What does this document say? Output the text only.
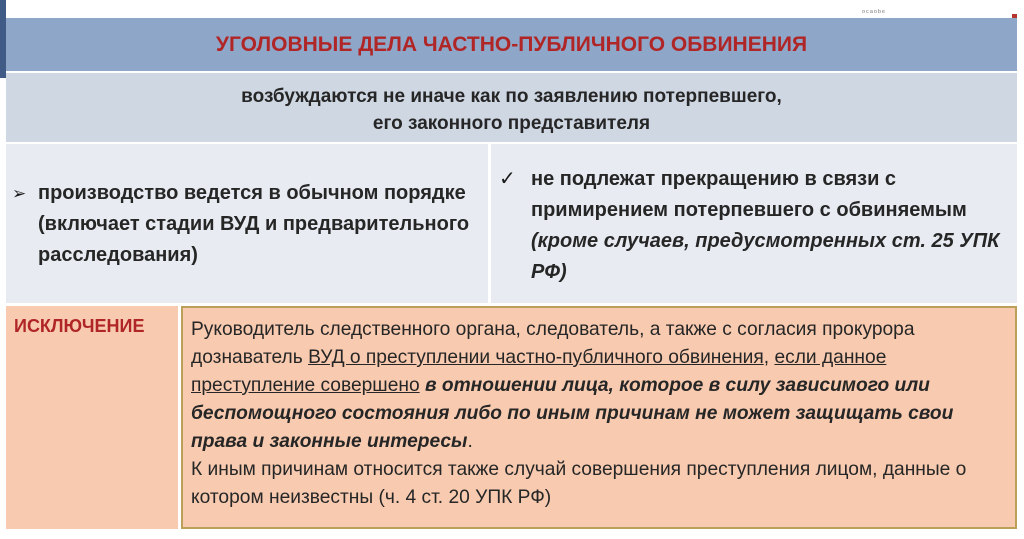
ᵒᶜᵃᵒᵇᵉ
УГОЛОВНЫЕ ДЕЛА ЧАСТНО-ПУБЛИЧНОГО ОБВИНЕНИЯ
возбуждаются не иначе как по заявлению потерпевшего,
его законного представителя
➢ производство ведется в обычном порядке (включает стадии ВУД и предварительного расследования)
✓ не подлежат прекращению в связи с примирением потерпевшего с обвиняемым (кроме случаев, предусмотренных ст. 25 УПК РФ)
ИСКЛЮЧЕНИЕ	Руководитель следственного органа, следователь, а также с согласия прокурора дознаватель ВУД о преступлении частно-публичного обвинения, если данное преступление совершено в отношении лица, которое в силу зависимого или беспомощного состояния либо по иным причинам не может защищать свои права и законные интересы.
К иным причинам относится также случай совершения преступления лицом, данные о котором неизвестны (ч. 4 ст. 20 УПК РФ)
